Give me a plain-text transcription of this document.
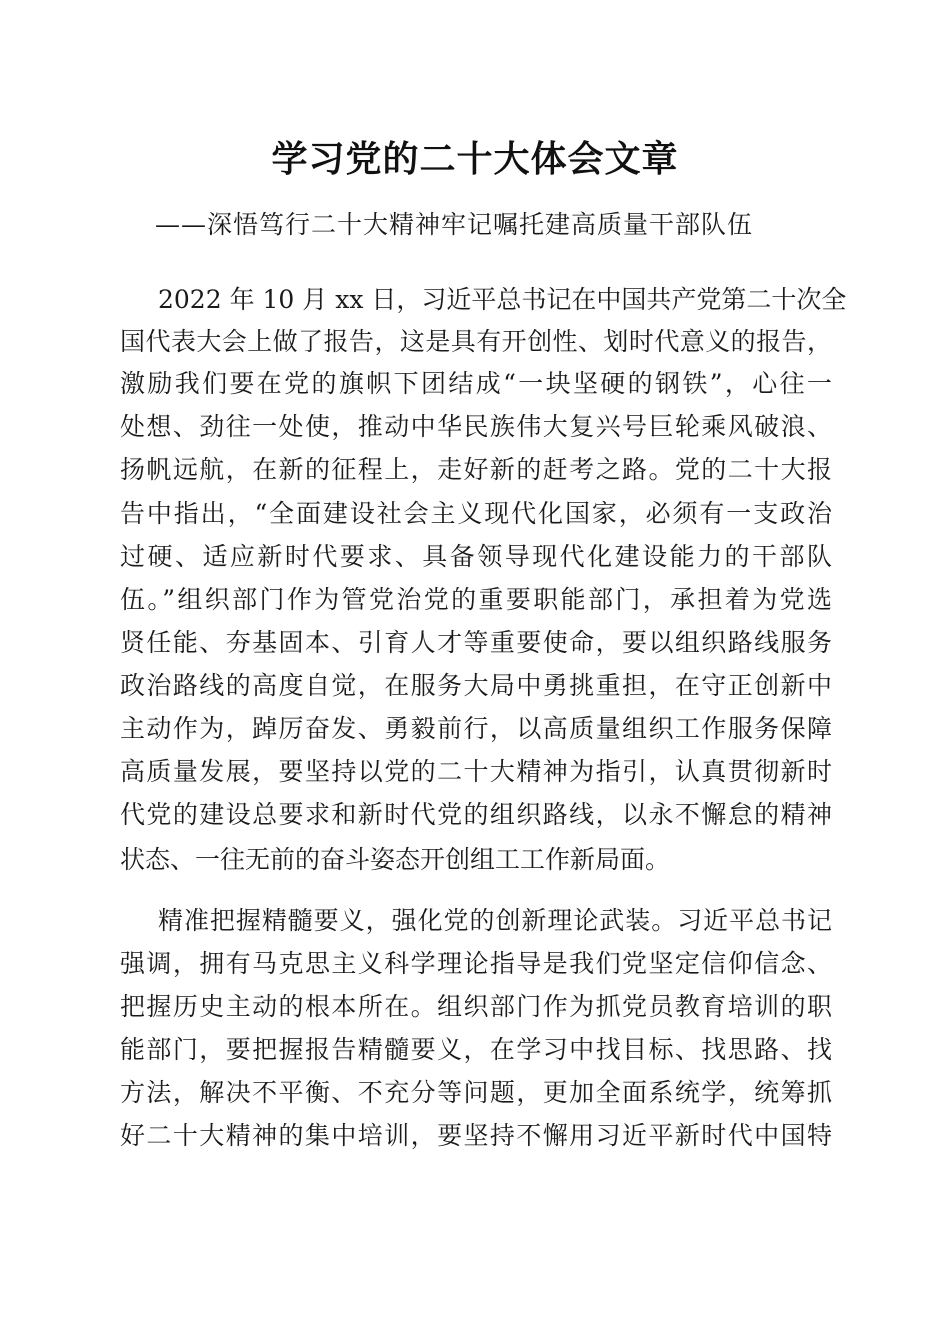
学习党的二十大体会文章

——深悟笃行二十大精神牢记嘱托建高质量干部队伍

2022 年 10 月 xx 日，习近平总书记在中国共产党第二十次全

国代表大会上做了报告，这是具有开创性、划时代意义的报告，

激励我们要在党的旗帜下团结成“一块坚硬的钢铁”，心往一

处想、劲往一处使，推动中华民族伟大复兴号巨轮乘风破浪、

扬帆远航，在新的征程上，走好新的赶考之路。党的二十大报

告中指出，“全面建设社会主义现代化国家，必须有一支政治

过硬、适应新时代要求、具备领导现代化建设能力的干部队

伍。”组织部门作为管党治党的重要职能部门，承担着为党选

贤任能、夯基固本、引育人才等重要使命，要以组织路线服务

政治路线的高度自觉，在服务大局中勇挑重担，在守正创新中

主动作为，踔厉奋发、勇毅前行，以高质量组织工作服务保障

高质量发展，要坚持以党的二十大精神为指引，认真贯彻新时

代党的建设总要求和新时代党的组织路线，以永不懈怠的精神

状态、一往无前的奋斗姿态开创组工工作新局面。

精准把握精髓要义，强化党的创新理论武装。习近平总书记

强调，拥有马克思主义科学理论指导是我们党坚定信仰信念、

把握历史主动的根本所在。组织部门作为抓党员教育培训的职

能部门，要把握报告精髓要义，在学习中找目标、找思路、找

方法，解决不平衡、不充分等问题，更加全面系统学，统筹抓

好二十大精神的集中培训，要坚持不懈用习近平新时代中国特
